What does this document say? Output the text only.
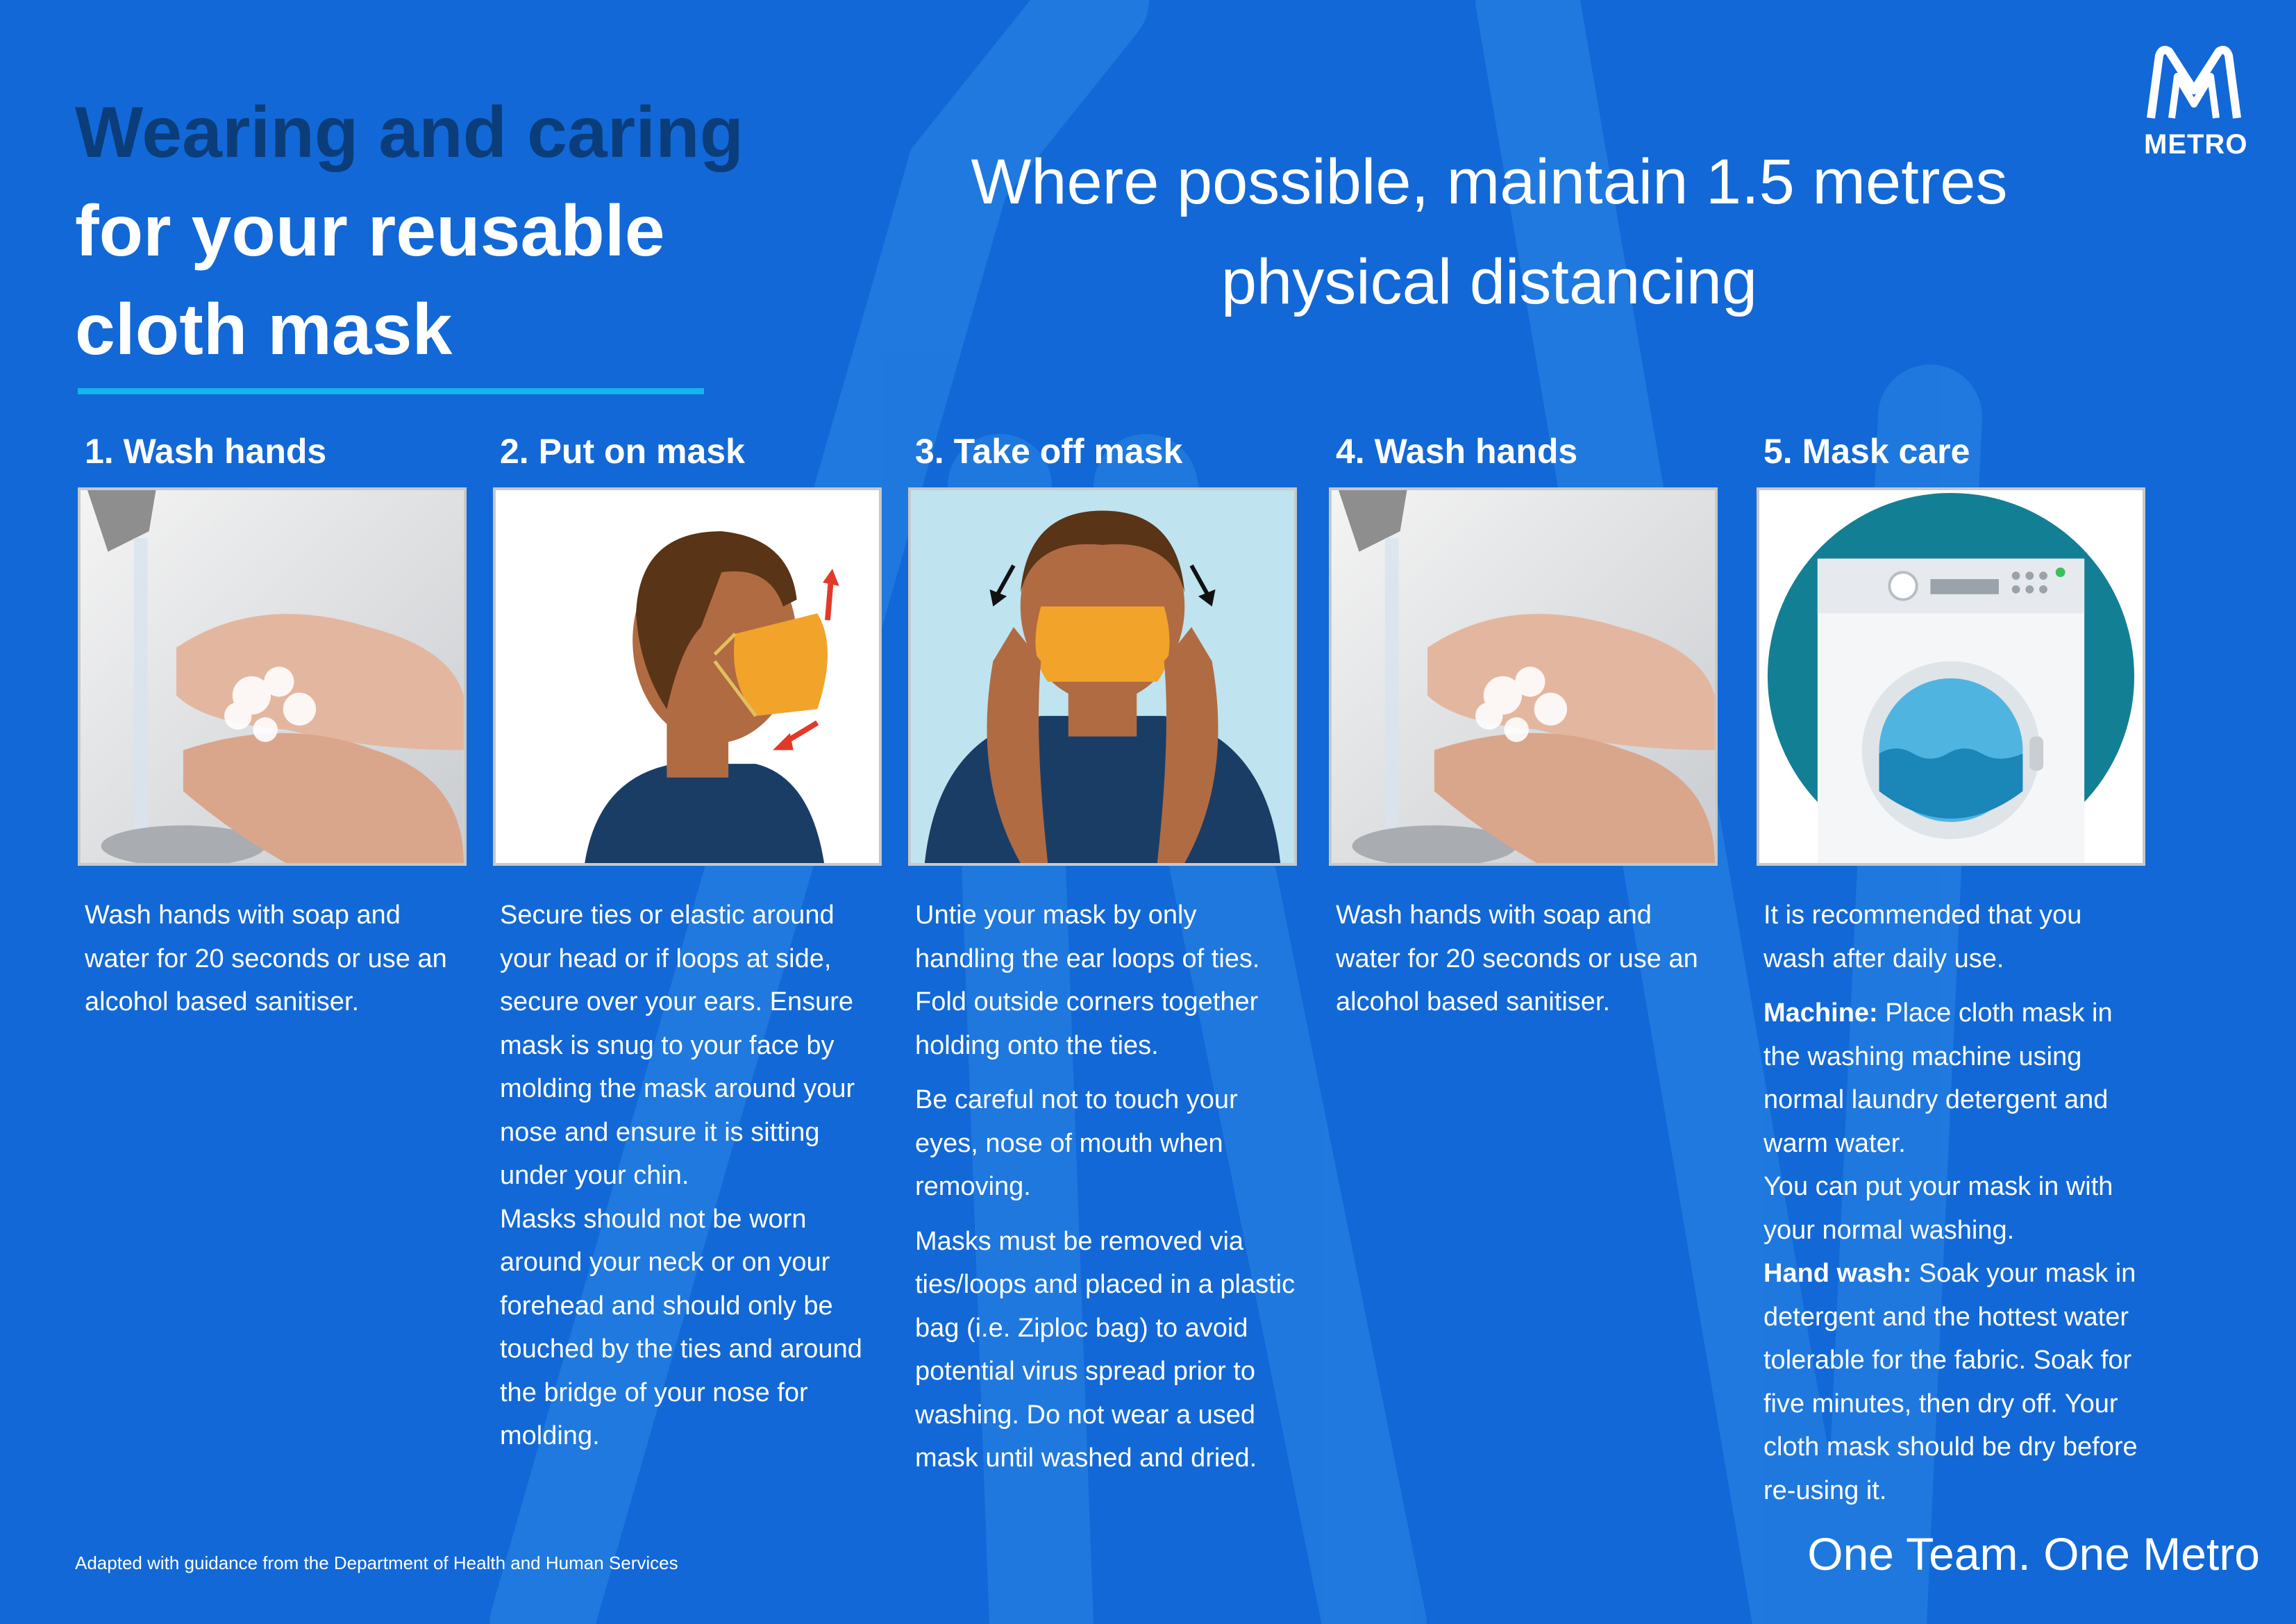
Wearing and caring
for your reusable
cloth mask
Where possible, maintain 1.5 metres
physical distancing
METRO
1. Wash hands

Wash hands with soap and water for 20 seconds or use an alcohol based sanitiser.

2. Put on mask

Secure ties or elastic around your head or if loops at side, secure over your ears. Ensure mask is snug to your face by molding the mask around your nose and ensure it is sitting under your chin.

Masks should not be worn around your neck or on your forehead and should only be touched by the ties and around the bridge of your nose for molding.

3. Take off mask

Untie your mask by only handling the ear loops of ties. Fold outside corners together holding onto the ties.

Be careful not to touch your eyes, nose of mouth when removing.

Masks must be removed via ties/loops and placed in a plastic bag (i.e. Ziploc bag) to avoid potential virus spread prior to washing. Do not wear a used mask until washed and dried.

4. Wash hands

Wash hands with soap and water for 20 seconds or use an alcohol based sanitiser.

5. Mask care

It is recommended that you wash after daily use.

Machine: Place cloth mask in the washing machine using normal laundry detergent and warm water.

You can put your mask in with your normal washing.

Hand wash: Soak your mask in detergent and the hottest water tolerable for the fabric. Soak for five minutes, then dry off. Your cloth mask should be dry before re-using it.

Adapted with guidance from the Department of Health and Human Services	One Team. One Metro
